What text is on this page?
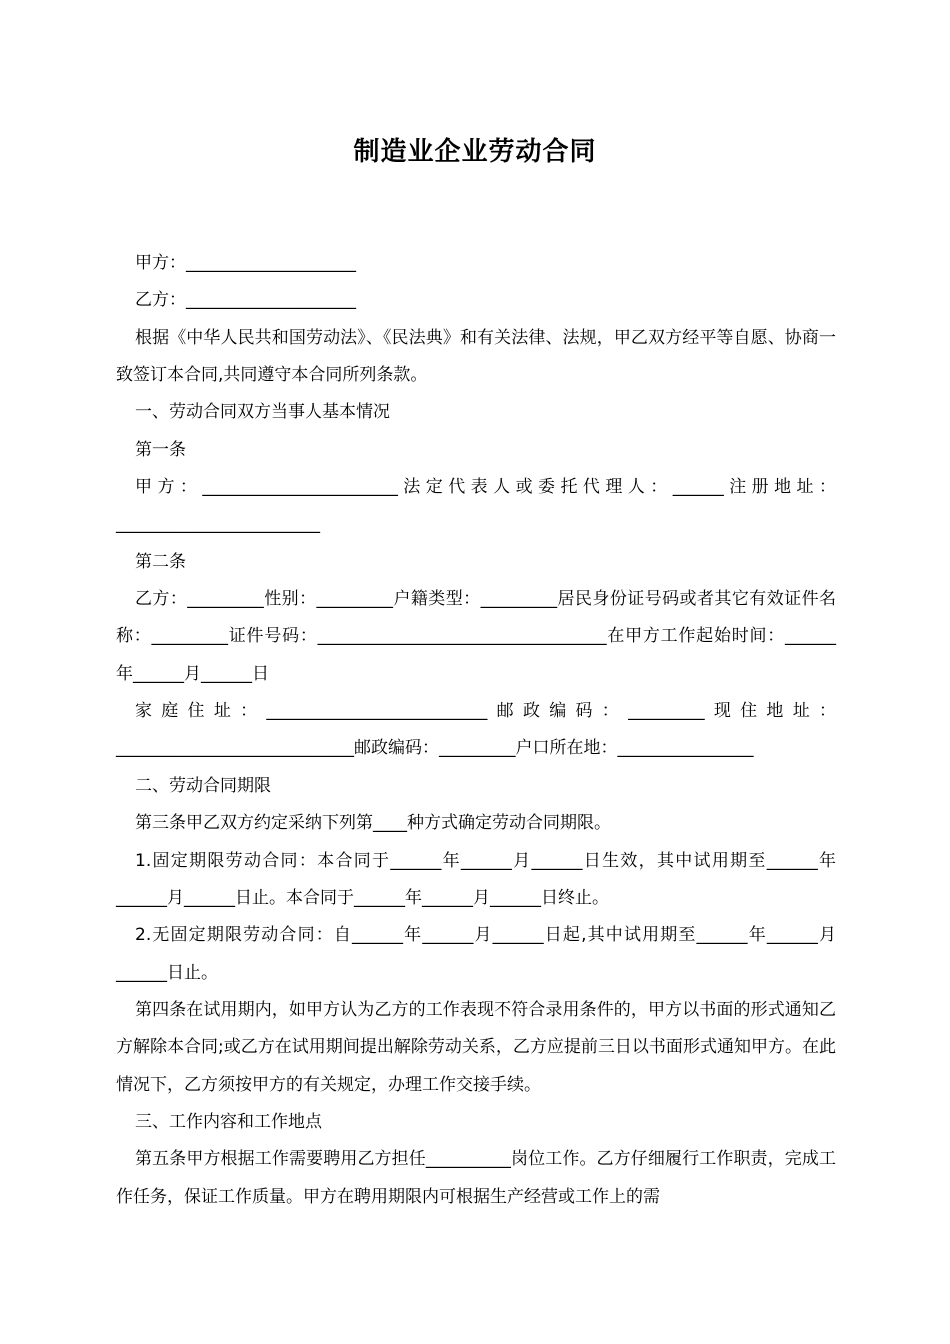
制造业企业劳动合同

甲方：____________________

乙方：____________________

根据《中华人民共和国劳动法》、《民法典》和有关法律、法规，甲乙双方经平等自愿、协商一致签订本合同,共同遵守本合同所列条款。

一、劳动合同双方当事人基本情况

第一条

甲方：_______________________法定代表人或委托代理人：______注册地址：________________________

第二条

乙方：_________性别：_________户籍类型：_________居民身份证号码或者其它有效证件名称：_________证件号码：__________________________________在甲方工作起始时间：______年______月______日

家庭住址：__________________________邮政编码：_________现住地址：____________________________邮政编码：_________户口所在地：________________

二、劳动合同期限

第三条甲乙双方约定采纳下列第____种方式确定劳动合同期限。

1.固定期限劳动合同：本合同于______年______月______日生效，其中试用期至______年______月______日止。本合同于______年______月______日终止。

2.无固定期限劳动合同：自______年______月______日起,其中试用期至______年______月______日止。

第四条在试用期内，如甲方认为乙方的工作表现不符合录用条件的，甲方以书面的形式通知乙方解除本合同;或乙方在试用期间提出解除劳动关系，乙方应提前三日以书面形式通知甲方。在此情况下，乙方须按甲方的有关规定，办理工作交接手续。

三、工作内容和工作地点

第五条甲方根据工作需要聘用乙方担任__________岗位工作。乙方仔细履行工作职责，完成工作任务，保证工作质量。甲方在聘用期限内可根据生产经营或工作上的需
